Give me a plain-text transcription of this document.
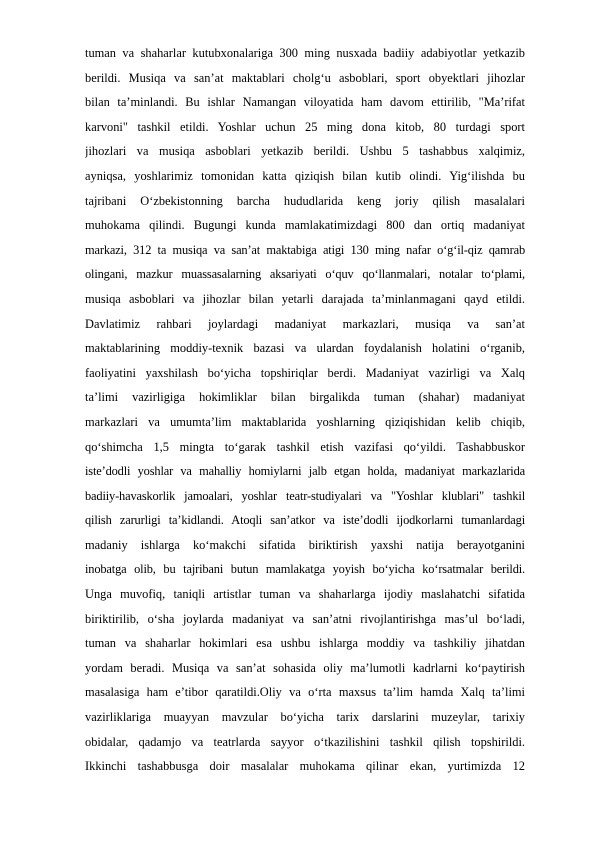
tuman va shaharlar kutubxonalariga 300 ming nusxada badiiy adabiyotlar yetkazib
berildi. Musiqa va san’at maktablari cholg‘u asboblari, sport obyektlari jihozlar
bilan ta’minlandi. Bu ishlar Namangan viloyatida ham davom ettirilib, "Ma’rifat
karvoni" tashkil etildi. Yoshlar uchun 25 ming dona kitob, 80 turdagi sport
jihozlari va musiqa asboblari yetkazib berildi. Ushbu 5 tashabbus xalqimiz,
ayniqsa, yoshlarimiz tomonidan katta qiziqish bilan kutib olindi. Yig‘ilishda bu
tajribani O‘zbekistonning barcha hududlarida keng joriy qilish masalalari
muhokama qilindi. Bugungi kunda mamlakatimizdagi 800 dan ortiq madaniyat
markazi, 312 ta musiqa va san’at maktabiga atigi 130 ming nafar o‘g‘il-qiz qamrab
olingani, mazkur muassasalarning aksariyati o‘quv qo‘llanmalari, notalar to‘plami,
musiqa asboblari va jihozlar bilan yetarli darajada ta’minlanmagani qayd etildi.
Davlatimiz rahbari joylardagi madaniyat markazlari, musiqa va san’at
maktablarining moddiy-texnik bazasi va ulardan foydalanish holatini o‘rganib,
faoliyatini yaxshilash bo‘yicha topshiriqlar berdi. Madaniyat vazirligi va Xalq
ta’limi vazirligiga hokimliklar bilan birgalikda tuman (shahar) madaniyat
markazlari va umumta’lim maktablarida yoshlarning qiziqishidan kelib chiqib,
qo‘shimcha 1,5 mingta to‘garak tashkil etish vazifasi qo‘yildi. Tashabbuskor
iste’dodli yoshlar va mahalliy homiylarni jalb etgan holda, madaniyat markazlarida
badiiy-havaskorlik jamoalari, yoshlar teatr-studiyalari va "Yoshlar klublari" tashkil
qilish zarurligi ta’kidlandi. Atoqli san’atkor va iste’dodli ijodkorlarni tumanlardagi
madaniy ishlarga ko‘makchi sifatida biriktirish yaxshi natija berayotganini
inobatga olib, bu tajribani butun mamlakatga yoyish bo‘yicha ko‘rsatmalar berildi.
Unga muvofiq, taniqli artistlar tuman va shaharlarga ijodiy maslahatchi sifatida
biriktirilib, o‘sha joylarda madaniyat va san’atni rivojlantirishga mas’ul bo‘ladi,
tuman va shaharlar hokimlari esa ushbu ishlarga moddiy va tashkiliy jihatdan
yordam beradi. Musiqa va san’at sohasida oliy ma’lumotli kadrlarni ko‘paytirish
masalasiga ham e’tibor qaratildi.Oliy va o‘rta maxsus ta’lim hamda Xalq ta’limi
vazirliklariga muayyan mavzular bo‘yicha tarix darslarini muzeylar, tarixiy
obidalar, qadamjo va teatrlarda sayyor o‘tkazilishini tashkil qilish topshirildi.
Ikkinchi tashabbusga doir masalalar muhokama qilinar ekan, yurtimizda 12
